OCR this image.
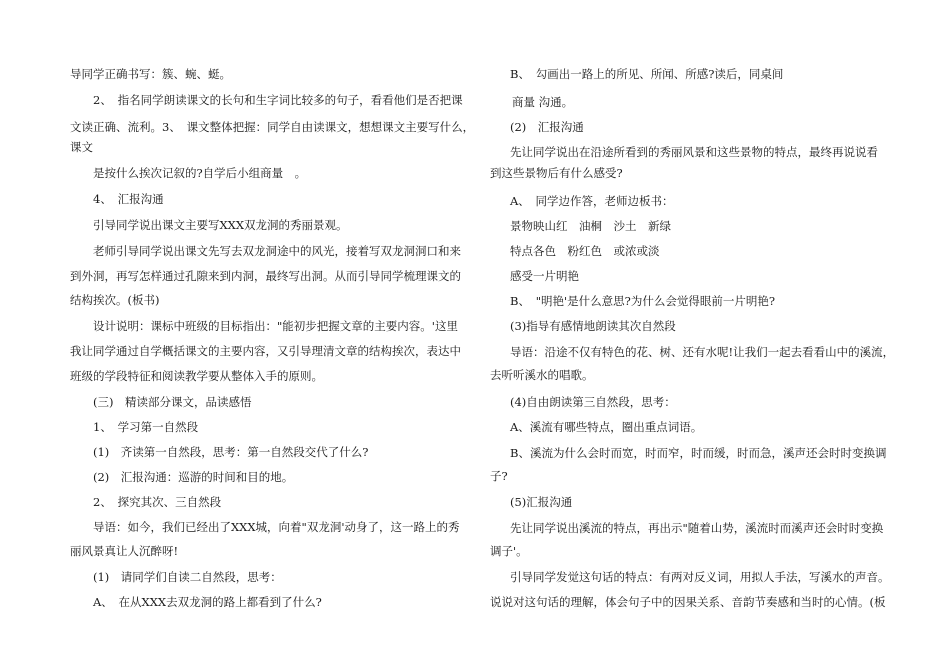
导同学正确书写：簇、蜿、蜓。
　　2、　指名同学朗读课文的长句和生字词比较多的句子，看看他们是否把课
文读正确、流利。3、　课文整体把握：同学自由读课文，想想课文主要写什么，
课文
　　是按什么挨次记叙的?自学后小组商量　。
　　4、　汇报沟通
　　引导同学说出课文主要写XXX双龙洞的秀丽景观。
　　老师引导同学说出课文先写去双龙洞途中的风光，接着写双龙洞洞口和来
到外洞，再写怎样通过孔隙来到内洞，最终写出洞。从而引导同学梳理课文的
结构挨次。(板书)
　　设计说明：课标中班级的目标指出："能初步把握文章的主要内容。'这里
我让同学通过自学概括课文的主要内容，又引导理清文章的结构挨次，表达中
班级的学段特征和阅读教学要从整体入手的原则。
　　(三)　精读部分课文，品读感悟
　　1、　学习第一自然段
　　(1)　齐读第一自然段，思考：第一自然段交代了什么?
　　(2)　汇报沟通：巡游的时间和目的地。
　　2、　探究其次、三自然段
　　导语：如今，我们已经出了XXX城，向着"双龙洞'动身了，这一路上的秀
丽风景真让人沉醉呀!
　　(1)　请同学们自读二自然段，思考：
　　A、　在从XXX去双龙洞的路上都看到了什么?
B、　勾画出一路上的所见、所闻、所感?读后，同桌间
商量 沟通。
(2)　汇报沟通
先让同学说出在沿途所看到的秀丽风景和这些景物的特点，最终再说说看
到这些景物后有什么感受?
A、　同学边作答，老师边板书：
景物映山红　油桐　沙土　新绿
特点各色　粉红色　或浓或淡
感受一片明艳
B、　"明艳'是什么意思?为什么会觉得眼前一片明艳?
(3)指导有感情地朗读其次自然段
导语：沿途不仅有特色的花、树、还有水呢!让我们一起去看看山中的溪流，
去听听溪水的唱歌。
(4)自由朗读第三自然段，思考：
A、溪流有哪些特点，圈出重点词语。
B、溪流为什么会时而宽，时而窄，时而缓，时而急，溪声还会时时变换调
子?
(5)汇报沟通
先让同学说出溪流的特点，再出示"随着山势，溪流时而溪声还会时时变换
调子'。
引导同学发觉这句话的特点：有两对反义词，用拟人手法，写溪水的声音。
说说对这句话的理解，体会句子中的因果关系、音韵节奏感和当时的心情。(板
